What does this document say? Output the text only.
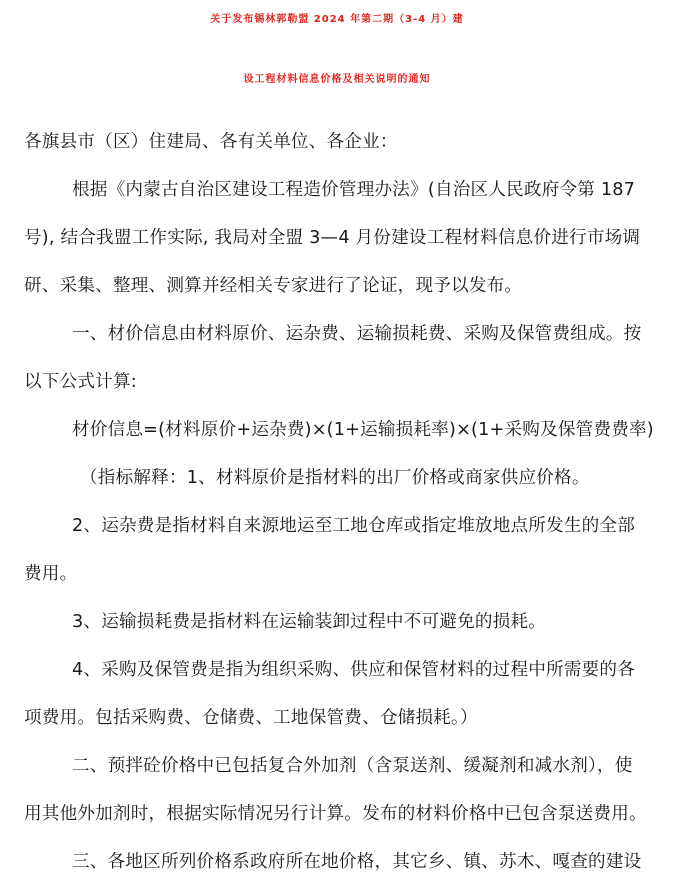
关于发布锡林郭勒盟 2024 年第二期（3-4 月）建
设工程材料信息价格及相关说明的通知

各旗县市（区）住建局、各有关单位、各企业：

根据《内蒙古自治区建设工程造价管理办法》(自治区人民政府令第 187

号), 结合我盟工作实际, 我局对全盟 3—4 月份建设工程材料信息价进行市场调

研、采集、整理、测算并经相关专家进行了论证，现予以发布。

一、材价信息由材料原价、运杂费、运输损耗费、采购及保管费组成。按

以下公式计算:

材价信息=(材料原价+运杂费)×(1+运输损耗率)×(1+采购及保管费费率)

（指标解释：1、材料原价是指材料的出厂价格或商家供应价格。

2、运杂费是指材料自来源地运至工地仓库或指定堆放地点所发生的全部

费用。

3、运输损耗费是指材料在运输装卸过程中不可避免的损耗。

4、采购及保管费是指为组织采购、供应和保管材料的过程中所需要的各

项费用。包括采购费、仓储费、工地保管费、仓储损耗。）

二、预拌砼价格中已包括复合外加剂（含泵送剂、缓凝剂和减水剂），使

用其他外加剂时，根据实际情况另行计算。发布的材料价格中已包含泵送费用。

三、各地区所列价格系政府所在地价格，其它乡、镇、苏木、嘎查的建设
